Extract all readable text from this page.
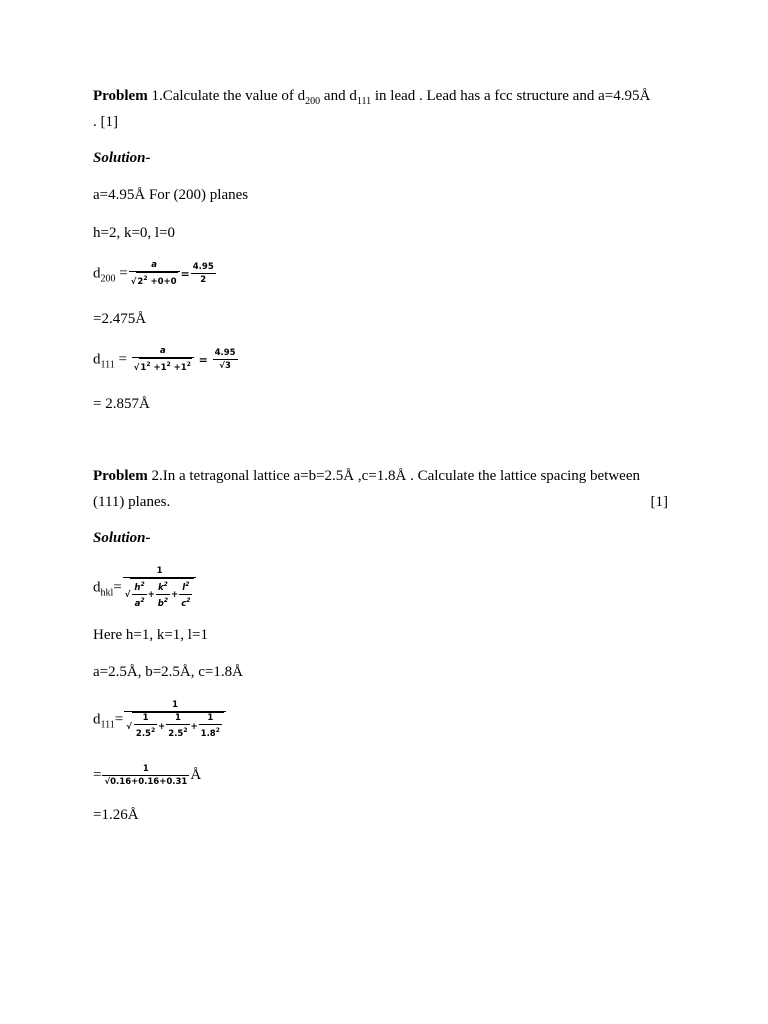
Problem 1.Calculate the value of $d_{200}$ and $d_{111}$ in lead . Lead has a fcc structure and a=4.95Å
. [1]
Solution-
a=4.95Å For (200) planes
h=2, k=0, l=0
$d_{200} = \frac{a}{√2^2 +0+0} = \frac{4.95}{2}$
=2.475Å
$d_{111} = \frac{a}{√1^2 +1^2 +1^2} = \frac{4.95}{√3}$
= 2.857Å
Problem 2.In a tetragonal lattice a=b=2.5Å ,c=1.8Å . Calculate the lattice spacing between
(111) planes.	[1]
Solution-
$d_{hkl}= \frac{1}{√ \frac{h^2}{a^2} + \frac{k^2}{b^2} + \frac{l^2}{c^2}}$
Here h=1, k=1, l=1
a=2.5Å, b=2.5Å, c=1.8Å
$d_{111}= \frac{1}{√ \frac{1}{2.5^2} + \frac{1}{2.5^2} + \frac{1}{1.8^2}}$
= $\frac{1}{√0.16+0.16+0.31}$ Å
=1.26Å
